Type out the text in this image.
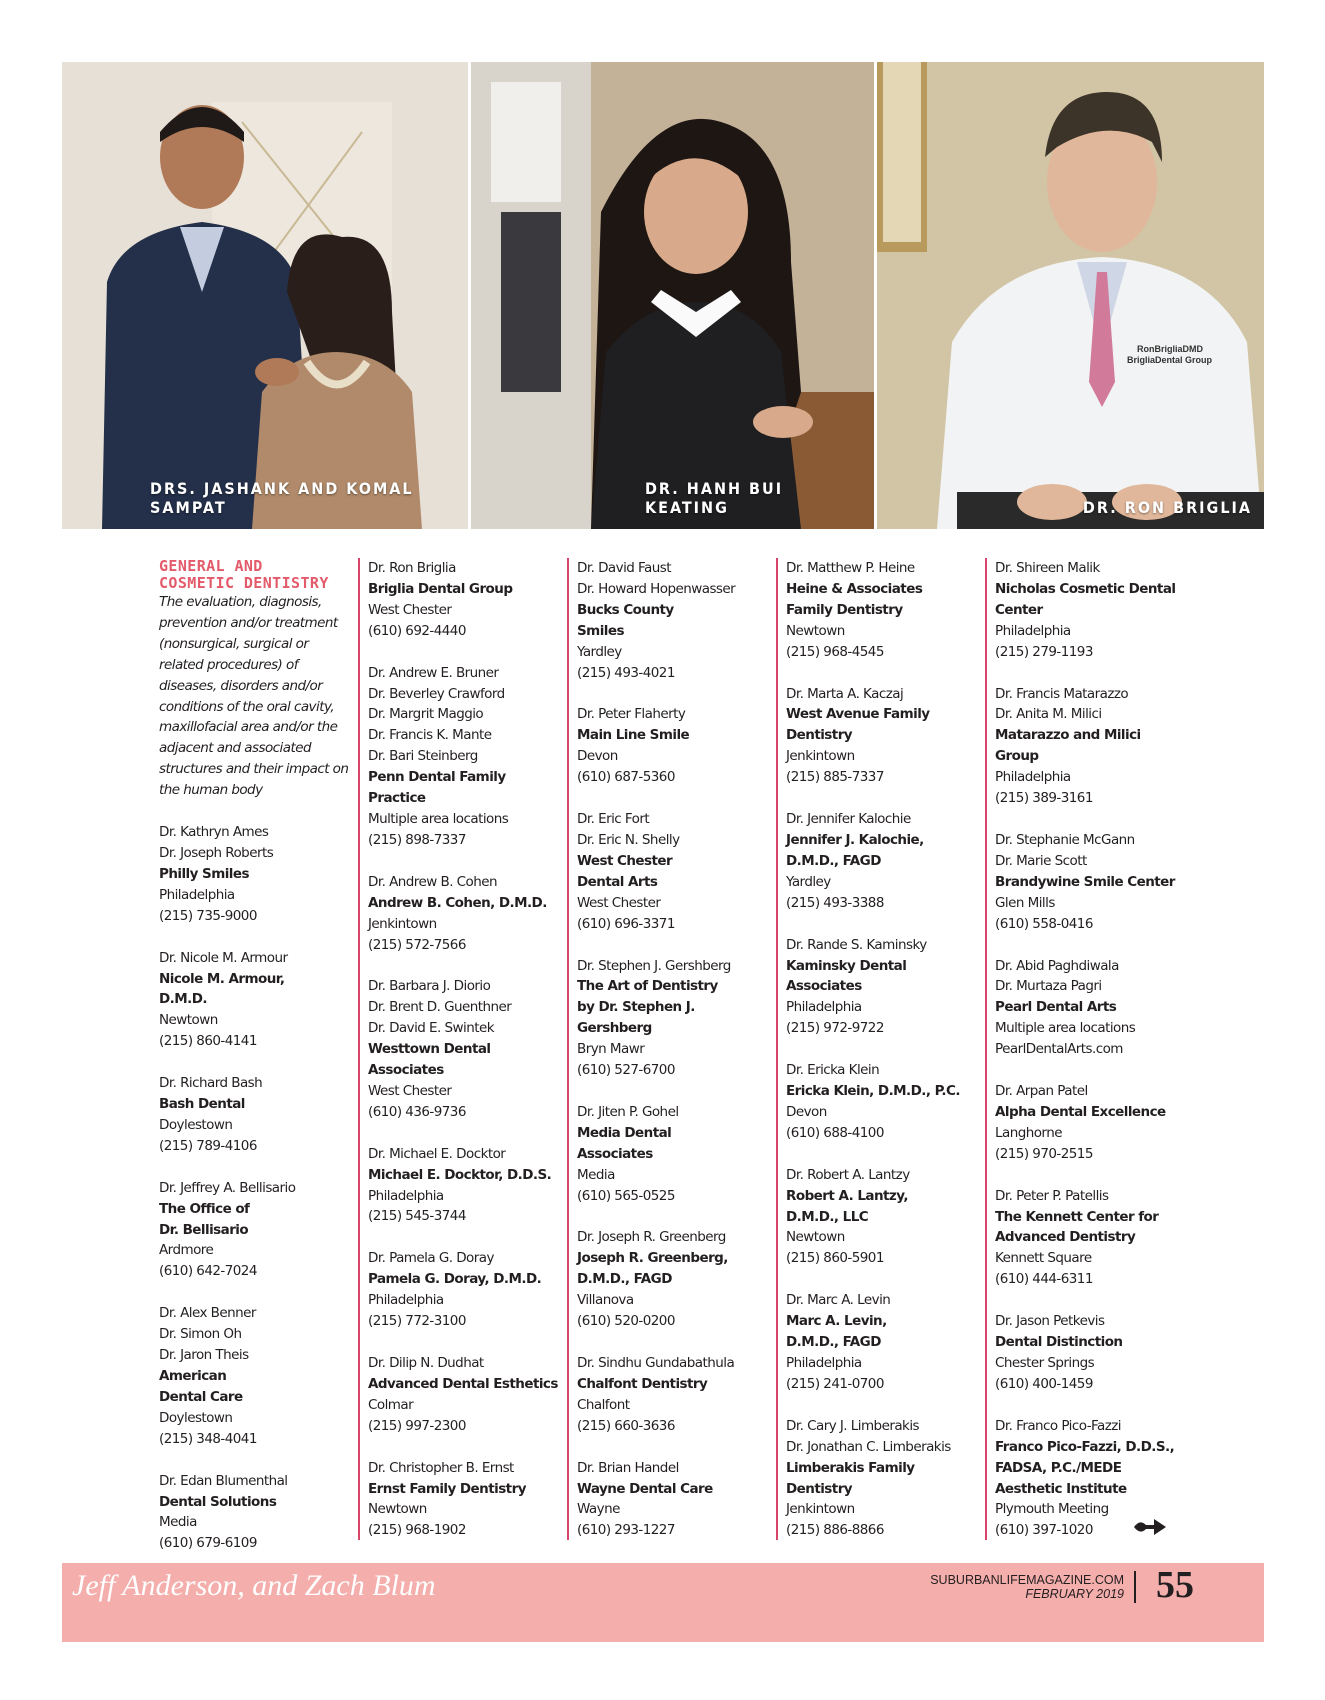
DRS. JASHANK AND KOMAL SAMPAT
DR. HANH BUI KEATING
RonBrigliaDMD
BrigliaDental Group
DR. RON BRIGLIA
GENERAL AND
COSMETIC DENTISTRY
The evaluation, diagnosis, prevention and/or treatment (nonsurgical, surgical or related procedures) of diseases, disorders and/or conditions of the oral cavity, maxillofacial area and/or the adjacent and associated structures and their impact on the human body
Dr. Kathryn Ames
Dr. Joseph Roberts
Philly Smiles
Philadelphia
(215) 735-9000
Dr. Nicole M. Armour
Nicole M. Armour,
D.M.D.
Newtown
(215) 860-4141
Dr. Richard Bash
Bash Dental
Doylestown
(215) 789-4106
Dr. Jeffrey A. Bellisario
The Office of
Dr. Bellisario
Ardmore
(610) 642-7024
Dr. Alex Benner
Dr. Simon Oh
Dr. Jaron Theis
American
Dental Care
Doylestown
(215) 348-4041
Dr. Edan Blumenthal
Dental Solutions
Media
(610) 679-6109
Dr. Ron Briglia
Briglia Dental Group
West Chester
(610) 692-4440
Dr. Andrew E. Bruner
Dr. Beverley Crawford
Dr. Margrit Maggio
Dr. Francis K. Mante
Dr. Bari Steinberg
Penn Dental Family
Practice
Multiple area locations
(215) 898-7337
Dr. Andrew B. Cohen
Andrew B. Cohen, D.M.D.
Jenkintown
(215) 572-7566
Dr. Barbara J. Diorio
Dr. Brent D. Guenthner
Dr. David E. Swintek
Westtown Dental
Associates
West Chester
(610) 436-9736
Dr. Michael E. Docktor
Michael E. Docktor, D.D.S.
Philadelphia
(215) 545-3744
Dr. Pamela G. Doray
Pamela G. Doray, D.M.D.
Philadelphia
(215) 772-3100
Dr. Dilip N. Dudhat
Advanced Dental Esthetics
Colmar
(215) 997-2300
Dr. Christopher B. Ernst
Ernst Family Dentistry
Newtown
(215) 968-1902
Dr. David Faust
Dr. Howard Hopenwasser
Bucks County
Smiles
Yardley
(215) 493-4021
Dr. Peter Flaherty
Main Line Smile
Devon
(610) 687-5360
Dr. Eric Fort
Dr. Eric N. Shelly
West Chester
Dental Arts
West Chester
(610) 696-3371
Dr. Stephen J. Gershberg
The Art of Dentistry
by Dr. Stephen J.
Gershberg
Bryn Mawr
(610) 527-6700
Dr. Jiten P. Gohel
Media Dental
Associates
Media
(610) 565-0525
Dr. Joseph R. Greenberg
Joseph R. Greenberg,
D.M.D., FAGD
Villanova
(610) 520-0200
Dr. Sindhu Gundabathula
Chalfont Dentistry
Chalfont
(215) 660-3636
Dr. Brian Handel
Wayne Dental Care
Wayne
(610) 293-1227
Dr. Matthew P. Heine
Heine & Associates
Family Dentistry
Newtown
(215) 968-4545
Dr. Marta A. Kaczaj
West Avenue Family
Dentistry
Jenkintown
(215) 885-7337
Dr. Jennifer Kalochie
Jennifer J. Kalochie,
D.M.D., FAGD
Yardley
(215) 493-3388
Dr. Rande S. Kaminsky
Kaminsky Dental
Associates
Philadelphia
(215) 972-9722
Dr. Ericka Klein
Ericka Klein, D.M.D., P.C.
Devon
(610) 688-4100
Dr. Robert A. Lantzy
Robert A. Lantzy,
D.M.D., LLC
Newtown
(215) 860-5901
Dr. Marc A. Levin
Marc A. Levin,
D.M.D., FAGD
Philadelphia
(215) 241-0700
Dr. Cary J. Limberakis
Dr. Jonathan C. Limberakis
Limberakis Family
Dentistry
Jenkintown
(215) 886-8866
Dr. Shireen Malik
Nicholas Cosmetic Dental
Center
Philadelphia
(215) 279-1193
Dr. Francis Matarazzo
Dr. Anita M. Milici
Matarazzo and Milici
Group
Philadelphia
(215) 389-3161
Dr. Stephanie McGann
Dr. Marie Scott
Brandywine Smile Center
Glen Mills
(610) 558-0416
Dr. Abid Paghdiwala
Dr. Murtaza Pagri
Pearl Dental Arts
Multiple area locations
PearlDentalArts.com
Dr. Arpan Patel
Alpha Dental Excellence
Langhorne
(215) 970-2515
Dr. Peter P. Patellis
The Kennett Center for
Advanced Dentistry
Kennett Square
(610) 444-6311
Dr. Jason Petkevis
Dental Distinction
Chester Springs
(610) 400-1459
Dr. Franco Pico-Fazzi
Franco Pico-Fazzi, D.D.S.,
FADSA, P.C./MEDE
Aesthetic Institute
Plymouth Meeting
(610) 397-1020
Jeff Anderson, and Zach Blum	SUBURBANLIFEMAGAZINE.COM
FEBRUARY 2019 55
